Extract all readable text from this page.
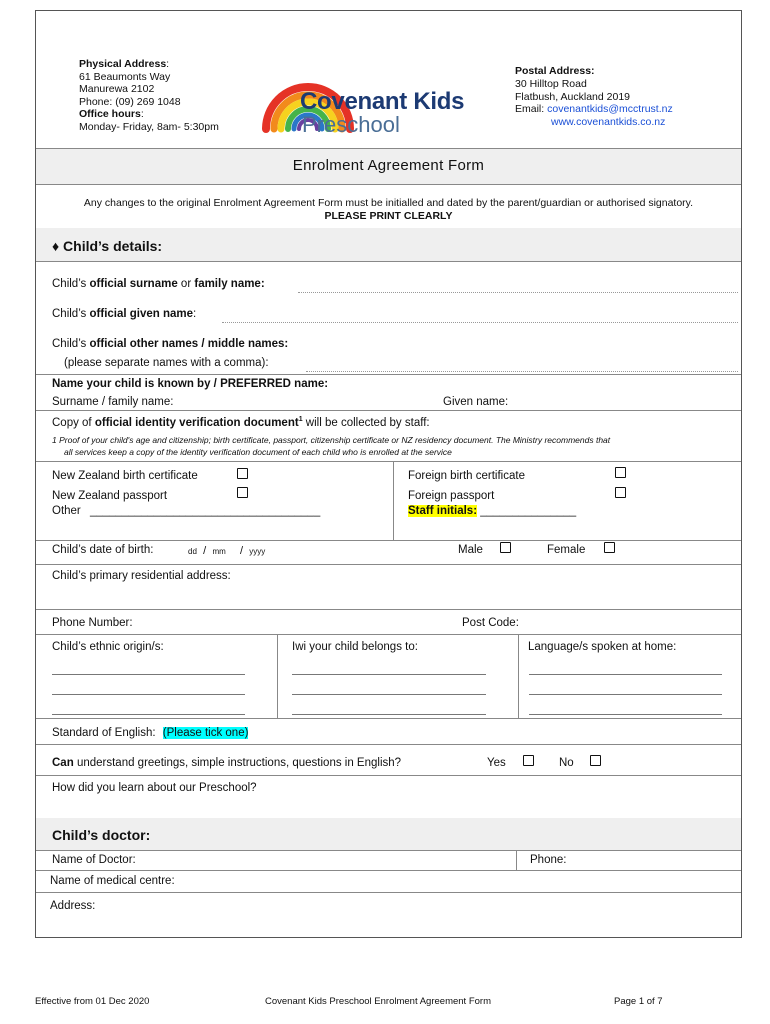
Physical Address:
61 Beaumonts Way
Manurewa 2102
Phone: (09) 269 1048
Office hours:
Monday- Friday, 8am- 5:30pm
Covenant Kids
Preschool
Postal Address:
30 Hilltop Road
Flatbush, Auckland 2019
Email: covenantkids@mcctrust.nz
www.covenantkids.co.nz
Enrolment Agreement Form
Any changes to the original Enrolment Agreement Form must be initialled and dated by the parent/guardian or authorised signatory.
PLEASE PRINT CLEARLY
♦ Child’s details:
Child’s official surname or family name:
Child’s official given name:
Child’s official other names / middle names:
(please separate names with a comma):
Name your child is known by / PREFERRED name:
Surname / family name:	Given name:
Copy of official identity verification document$^1$ will be collected by staff:
1 Proof of your child's age and citizenship; birth certificate, passport, citizenship certificate or NZ residency document. The Ministry recommends that
all services keep a copy of the identity verification document of each child who is enrolled at the service
New Zealand birth certificate
New Zealand passport
Other ____________________________________
Foreign birth certificate
Foreign passport
Staff initials: _______________
Child’s date of birth:	dd / mm / yyyy	Male	Female
Child’s primary residential address:
Phone Number:	Post Code:
Child’s ethnic origin/s:	Iwi your child belongs to:	Language/s spoken at home:
Standard of English: (Please tick one)
Can understand greetings, simple instructions, questions in English?	Yes	No
How did you learn about our Preschool?
Child’s doctor:
Name of Doctor:	Phone:
Name of medical centre:
Address:
Effective from 01 Dec 2020	Covenant Kids Preschool Enrolment Agreement Form	Page 1 of 7
